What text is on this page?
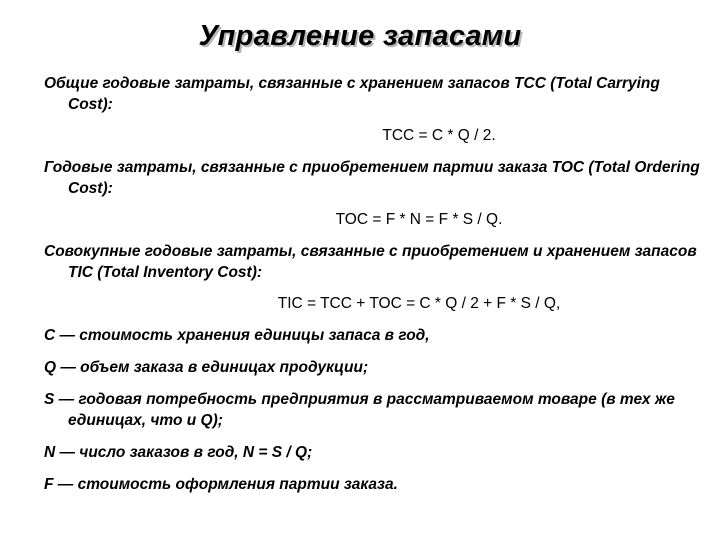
Управление запасами
Общие годовые затраты, связанные с хранением запасов TCC (Total Carrying Cost):
TCC = C * Q / 2.
Годовые затраты, связанные с приобретением партии заказа TOC (Total Ordering Cost):
TOC = F * N = F * S / Q.
Совокупные годовые затраты, связанные с приобретением и хранением запасов TIC (Total Inventory Cost):
TIC = TCC + TOC = C * Q / 2 + F * S / Q,
C — стоимость хранения единицы запаса в год,
Q — объем заказа в единицах продукции;
S — годовая потребность предприятия в рассматриваемом товаре (в тех же единицах, что и Q);
N — число заказов в год, N = S / Q;
F — стоимость оформления партии заказа.
